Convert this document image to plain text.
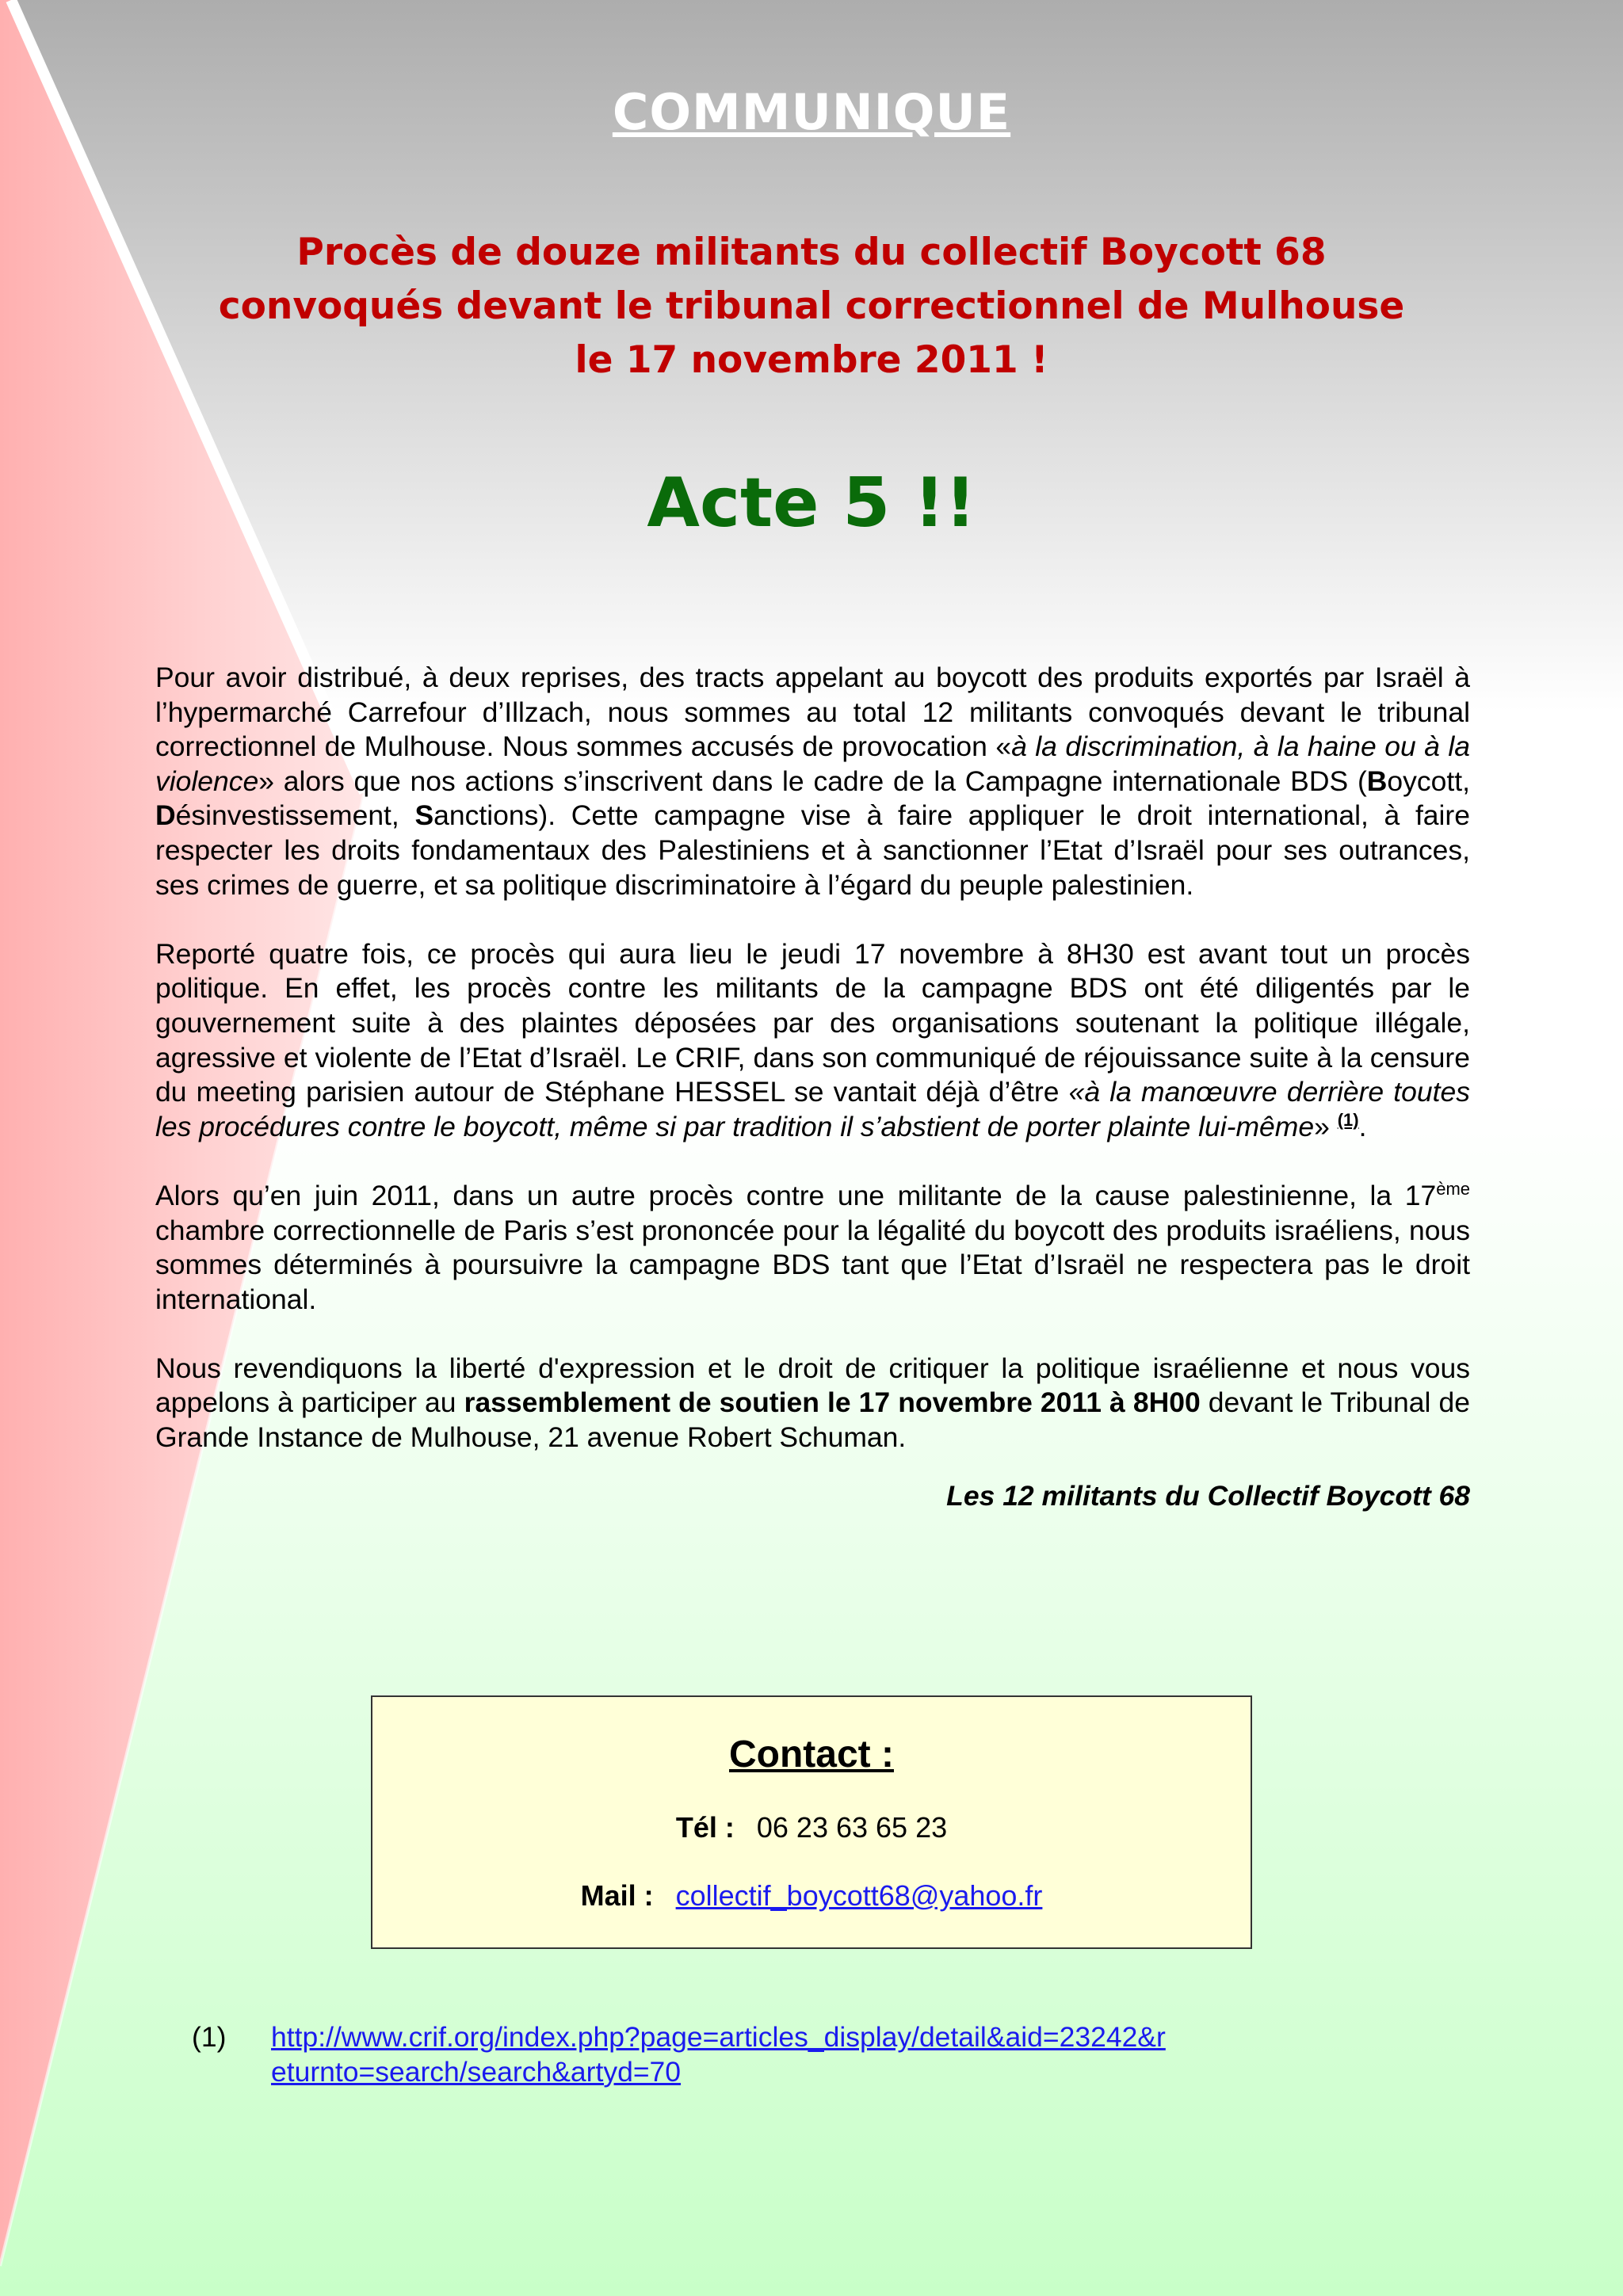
COMMUNIQUE
Procès de douze militants du collectif Boycott 68
convoqués devant le tribunal correctionnel de Mulhouse
le 17 novembre 2011 !
Acte 5 !!

Pour avoir distribué, à deux reprises, des tracts appelant au boycott des produits exportés par Israël à l’hypermarché Carrefour d’Illzach, nous sommes au total 12 militants convoqués devant le tribunal correctionnel de Mulhouse. Nous sommes accusés de provocation «à la discrimination, à la haine ou à la violence» alors que nos actions s’inscrivent dans le cadre de la Campagne internationale BDS (Boycott, Désinvestissement, Sanctions). Cette campagne vise à faire appliquer le droit international, à faire respecter les droits fondamentaux des Palestiniens et à sanctionner l’Etat d’Israël pour ses outrances, ses crimes de guerre, et sa politique discriminatoire à l’égard du peuple palestinien.

Reporté quatre fois, ce procès qui aura lieu le jeudi 17 novembre à 8H30 est avant tout un procès politique. En effet, les procès contre les militants de la campagne BDS ont été diligentés par le gouvernement suite à des plaintes déposées par des organisations soutenant la politique illégale, agressive et violente de l’Etat d’Israël. Le CRIF, dans son communiqué de réjouissance suite à la censure du meeting parisien autour de Stéphane HESSEL se vantait déjà d’être «à la manœuvre derrière toutes les procédures contre le boycott, même si par tradition il s’abstient de porter plainte lui-même» $^{(1)}$.

Alors qu’en juin 2011, dans un autre procès contre une militante de la cause palestinienne, la 17ème chambre correctionnelle de Paris s’est prononcée pour la légalité du boycott des produits israéliens, nous sommes déterminés à poursuivre la campagne BDS tant que l’Etat d’Israël ne respectera pas le droit international.

Nous revendiquons la liberté d'expression et le droit de critiquer la politique israélienne et nous vous appelons à participer au rassemblement de soutien le 17 novembre 2011 à 8H00 devant le Tribunal de Grande Instance de Mulhouse, 21 avenue Robert Schuman.

Les 12 militants du Collectif Boycott 68
Contact :
Tél : 06 23 63 65 23
Mail : collectif_boycott68@yahoo.fr
(1) http://www.crif.org/index.php?page=articles_display/detail&aid=23242&r
eturnto=search/search&artyd=70
